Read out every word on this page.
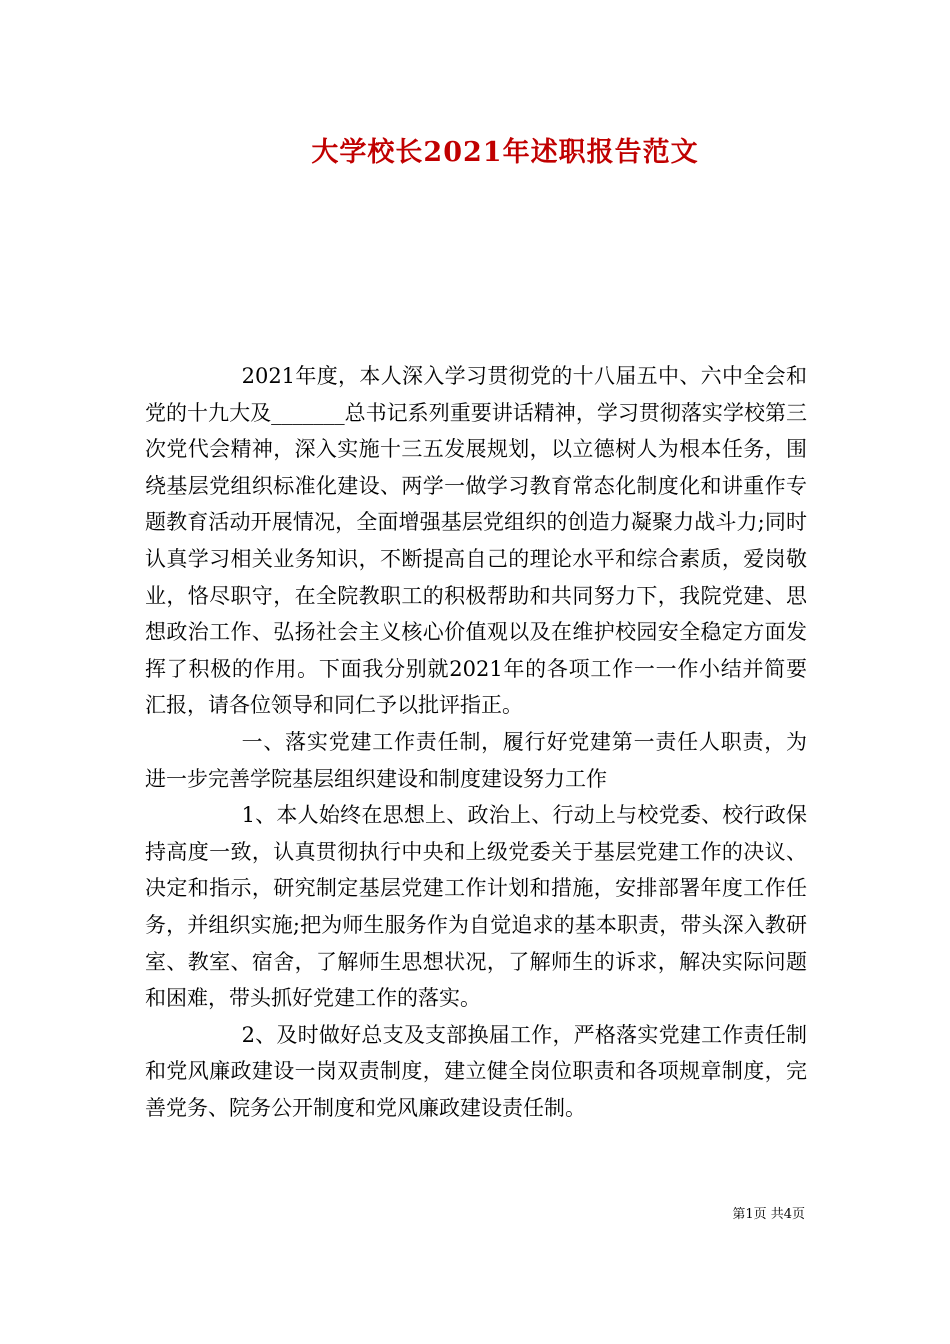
大学校长2021年述职报告范文

2021年度，本人深入学习贯彻党的十八届五中、六中全会和党的十九大及_______总书记系列重要讲话精神，学习贯彻落实学校第三次党代会精神，深入实施十三五发展规划，以立德树人为根本任务，围绕基层党组织标准化建设、两学一做学习教育常态化制度化和讲重作专题教育活动开展情况，全面增强基层党组织的创造力凝聚力战斗力;同时认真学习相关业务知识，不断提高自己的理论水平和综合素质，爱岗敬业，恪尽职守，在全院教职工的积极帮助和共同努力下，我院党建、思想政治工作、弘扬社会主义核心价值观以及在维护校园安全稳定方面发挥了积极的作用。下面我分别就2021年的各项工作一一作小结并简要汇报，请各位领导和同仁予以批评指正。

一、落实党建工作责任制，履行好党建第一责任人职责，为进一步完善学院基层组织建设和制度建设努力工作

1、本人始终在思想上、政治上、行动上与校党委、校行政保持高度一致，认真贯彻执行中央和上级党委关于基层党建工作的决议、决定和指示，研究制定基层党建工作计划和措施，安排部署年度工作任务，并组织实施;把为师生服务作为自觉追求的基本职责，带头深入教研室、教室、宿舍，了解师生思想状况，了解师生的诉求，解决实际问题和困难，带头抓好党建工作的落实。

2、及时做好总支及支部换届工作，严格落实党建工作责任制和党风廉政建设一岗双责制度，建立健全岗位职责和各项规章制度，完善党务、院务公开制度和党风廉政建设责任制。

第1页 共4页
